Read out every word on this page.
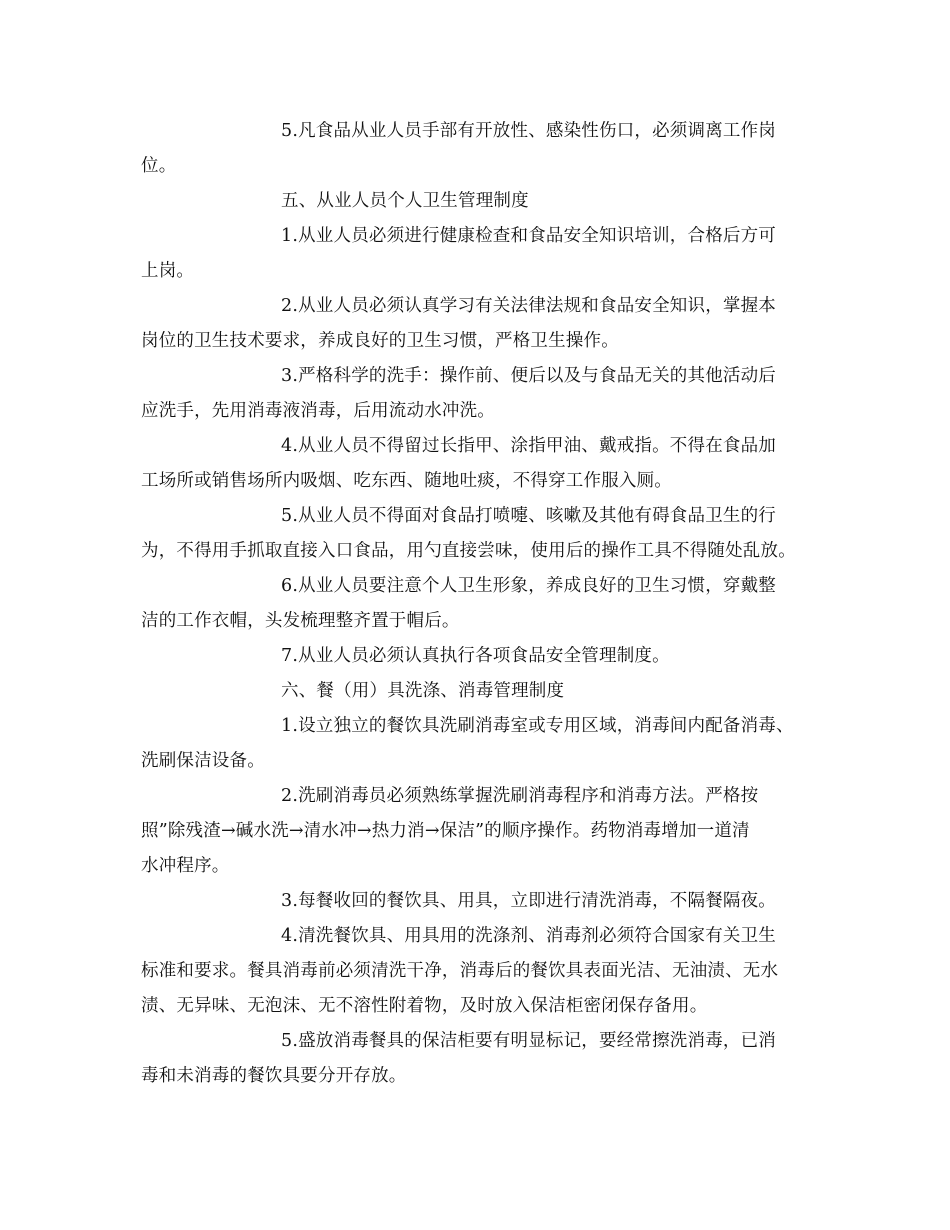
5.凡食品从业人员手部有开放性、感染性伤口，必须调离工作岗
位。

五、从业人员个人卫生管理制度

1.从业人员必须进行健康检查和食品安全知识培训，合格后方可
上岗。

2.从业人员必须认真学习有关法律法规和食品安全知识，掌握本
岗位的卫生技术要求，养成良好的卫生习惯，严格卫生操作。

3.严格科学的洗手：操作前、便后以及与食品无关的其他活动后
应洗手，先用消毒液消毒，后用流动水冲洗。

4.从业人员不得留过长指甲、涂指甲油、戴戒指。不得在食品加
工场所或销售场所内吸烟、吃东西、随地吐痰，不得穿工作服入厕。

5.从业人员不得面对食品打喷嚏、咳嗽及其他有碍食品卫生的行
为，不得用手抓取直接入口食品，用勺直接尝味，使用后的操作工具不得随处乱放。

6.从业人员要注意个人卫生形象，养成良好的卫生习惯，穿戴整
洁的工作衣帽，头发梳理整齐置于帽后。

7.从业人员必须认真执行各项食品安全管理制度。

六、餐（用）具洗涤、消毒管理制度

1.设立独立的餐饮具洗刷消毒室或专用区域，消毒间内配备消毒、
洗刷保洁设备。

2.洗刷消毒员必须熟练掌握洗刷消毒程序和消毒方法。严格按
照”除残渣→碱水洗→清水冲→热力消→保洁”的顺序操作。药物消毒增加一道清
水冲程序。

3.每餐收回的餐饮具、用具，立即进行清洗消毒，不隔餐隔夜。

4.清洗餐饮具、用具用的洗涤剂、消毒剂必须符合国家有关卫生
标准和要求。餐具消毒前必须清洗干净，消毒后的餐饮具表面光洁、无油渍、无水
渍、无异味、无泡沫、无不溶性附着物，及时放入保洁柜密闭保存备用。

5.盛放消毒餐具的保洁柜要有明显标记，要经常擦洗消毒，已消
毒和未消毒的餐饮具要分开存放。
